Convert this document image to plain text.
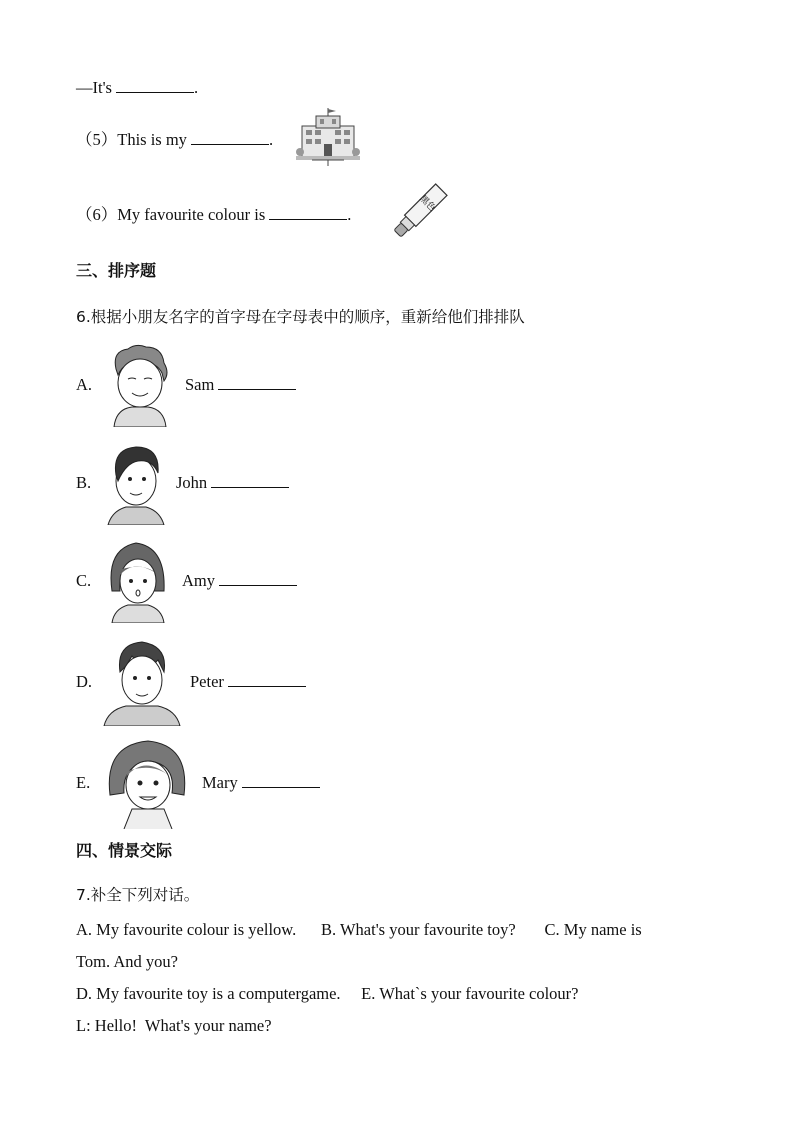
—It's	.
（5）This is my	.
（6）My favourite colour is	.
黑色
三、排序题
6.根据小朋友名字的首字母在字母表中的顺序，重新给他们排排队
A.	Sam
B.	John
C.	Amy
D.	Peter
E.	Mary
四、情景交际
7.补全下列对话。
A. My favourite colour is yellow.      B. What's your favourite toy?       C. My name is
Tom. And you?
D. My favourite toy is a computergame.     E. What`s your favourite colour?
L: Hello!  What's your name?
